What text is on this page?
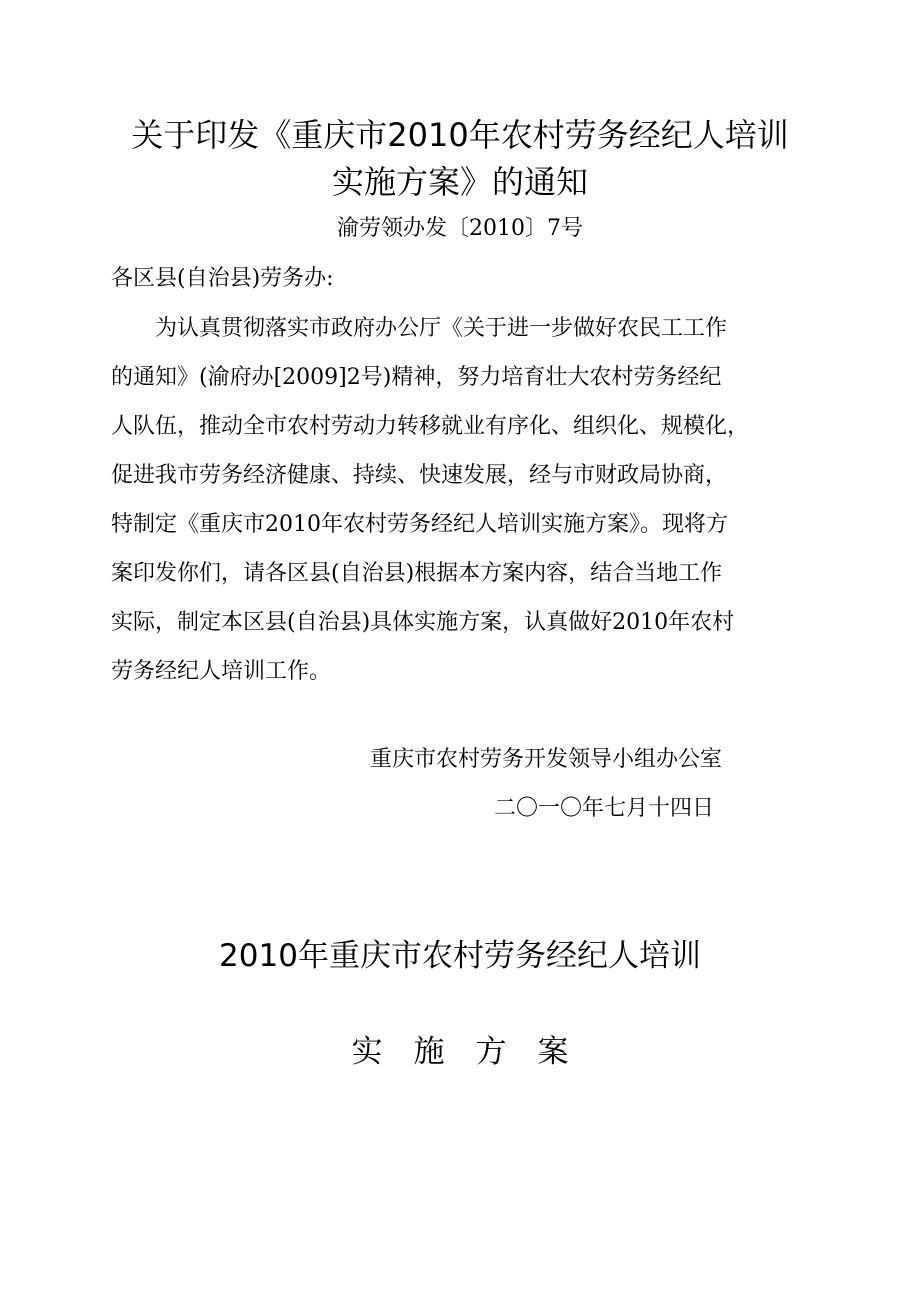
关于印发《重庆市2010年农村劳务经纪人培训
实施方案》的通知
渝劳领办发〔2010〕7号
各区县(自治县)劳务办:
为认真贯彻落实市政府办公厅《关于进一步做好农民工工作
的通知》(渝府办[2009]2号)精神，努力培育壮大农村劳务经纪
人队伍，推动全市农村劳动力转移就业有序化、组织化、规模化，
促进我市劳务经济健康、持续、快速发展，经与市财政局协商，
特制定《重庆市2010年农村劳务经纪人培训实施方案》。现将方
案印发你们，请各区县(自治县)根据本方案内容，结合当地工作
实际，制定本区县(自治县)具体实施方案，认真做好2010年农村
劳务经纪人培训工作。
重庆市农村劳务开发领导小组办公室
二〇一〇年七月十四日
2010年重庆市农村劳务经纪人培训
实　施　方　案
